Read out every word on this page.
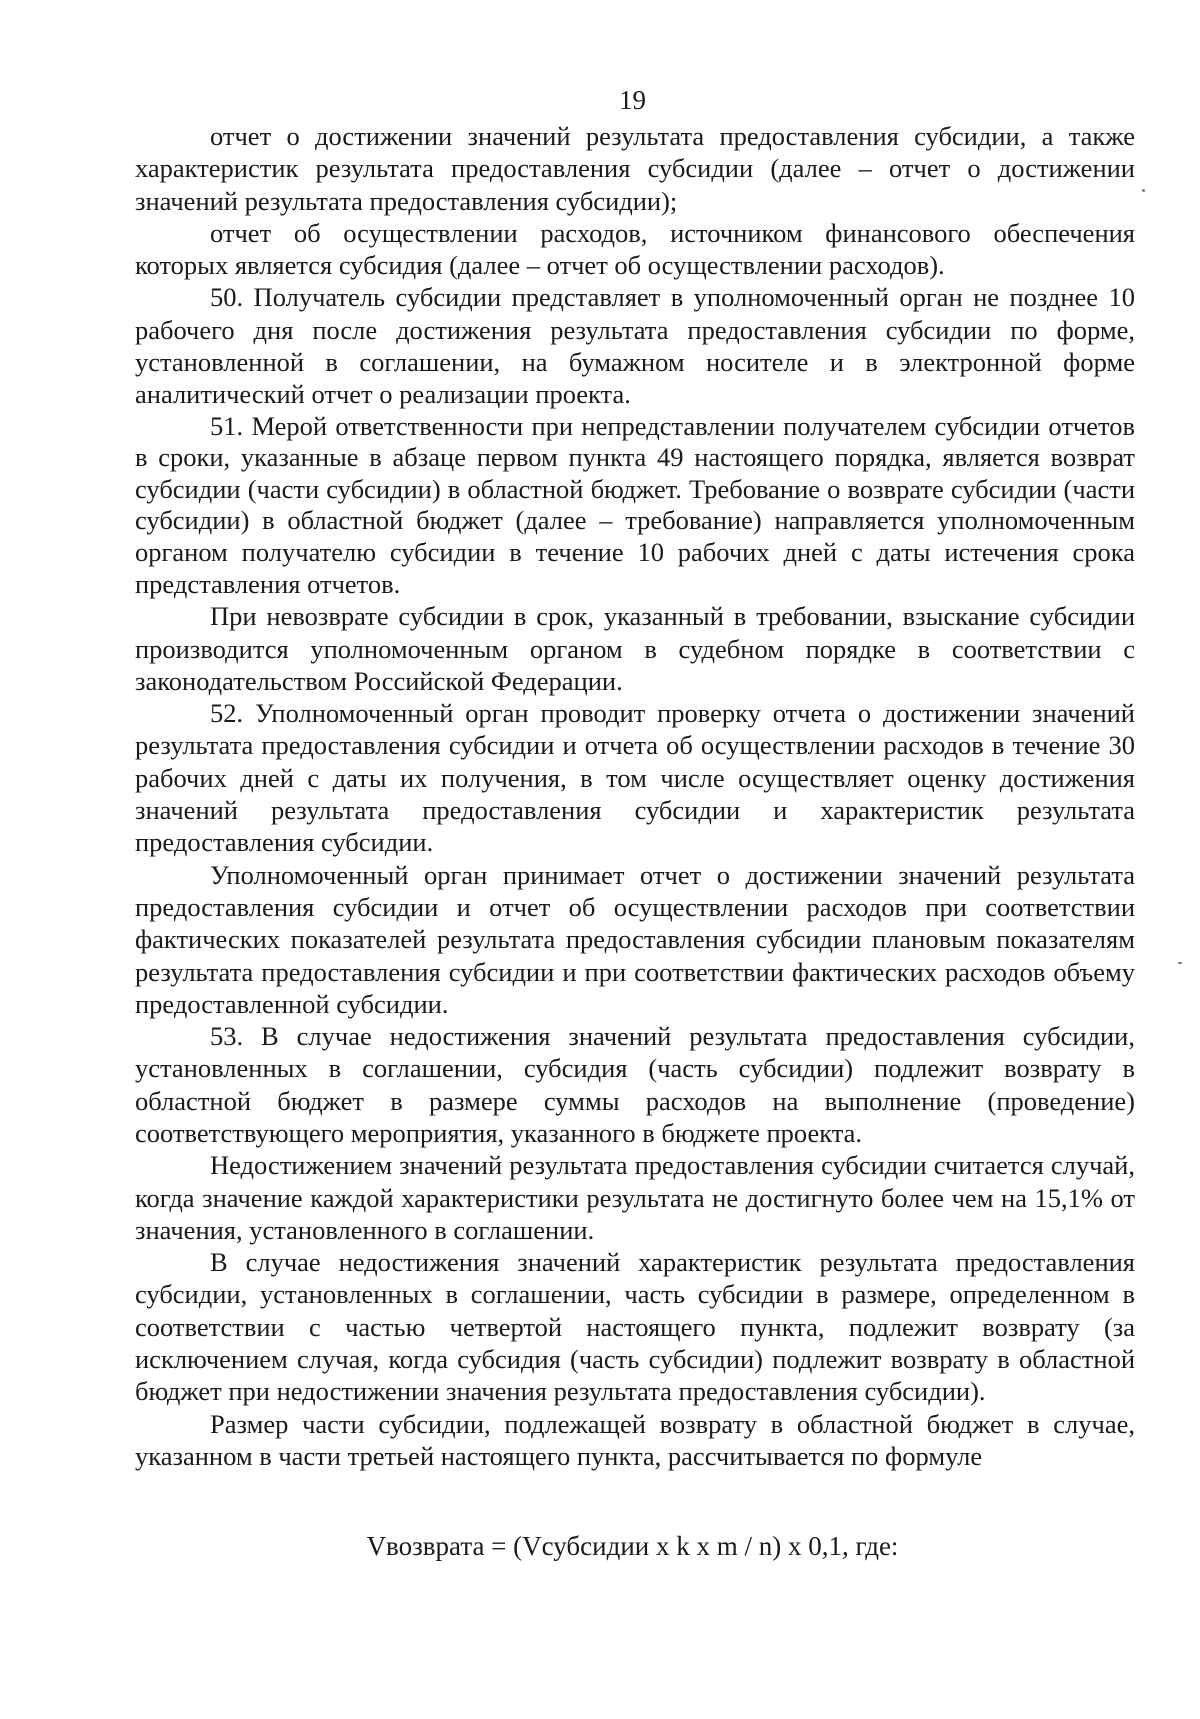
19

отчет о достижении значений результата предоставления субсидии, а также характеристик результата предоставления субсидии (далее – отчет о достижении значений результата предоставления субсидии);

отчет об осуществлении расходов, источником финансового обеспечения которых является субсидия (далее – отчет об осуществлении расходов).

50. Получатель субсидии представляет в уполномоченный орган не позднее 10 рабочего дня после достижения результата предоставления субсидии по форме, установленной в соглашении, на бумажном носителе и в электронной форме аналитический отчет о реализации проекта.

51. Мерой ответственности при непредставлении получателем субсидии отчетов в сроки, указанные в абзаце первом пункта 49 настоящего порядка, является возврат субсидии (части субсидии) в областной бюджет. Требование о возврате субсидии (части субсидии) в областной бюджет (далее – требование) направляется уполномоченным органом получателю субсидии в течение 10 рабочих дней с даты истечения срока представления отчетов.

При невозврате субсидии в срок, указанный в требовании, взыскание субсидии производится уполномоченным органом в судебном порядке в соответствии с законодательством Российской Федерации.

52. Уполномоченный орган проводит проверку отчета о достижении значений результата предоставления субсидии и отчета об осуществлении расходов в течение 30 рабочих дней с даты их получения, в том числе осуществляет оценку достижения значений результата предоставления субсидии и характеристик результата предоставления субсидии.

Уполномоченный орган принимает отчет о достижении значений результата предоставления субсидии и отчет об осуществлении расходов при соответствии фактических показателей результата предоставления субсидии плановым показателям результата предоставления субсидии и при соответствии фактических расходов объему предоставленной субсидии.

53. В случае недостижения значений результата предоставления субсидии, установленных в соглашении, субсидия (часть субсидии) подлежит возврату в областной бюджет в размере суммы расходов на выполнение (проведение) соответствующего мероприятия, указанного в бюджете проекта.

Недостижением значений результата предоставления субсидии считается случай, когда значение каждой характеристики результата не достигнуто более чем на 15,1% от значения, установленного в соглашении.

В случае недостижения значений характеристик результата предоставления субсидии, установленных в соглашении, часть субсидии в размере, определенном в соответствии с частью четвертой настоящего пункта, подлежит возврату (за исключением случая, когда субсидия (часть субсидии) подлежит возврату в областной бюджет при недостижении значения результата предоставления субсидии).

Размер части субсидии, подлежащей возврату в областной бюджет в случае, указанном в части третьей настоящего пункта, рассчитывается по формуле

Vвозврата = (Vсубсидии x k x m / n) x 0,1, где:
